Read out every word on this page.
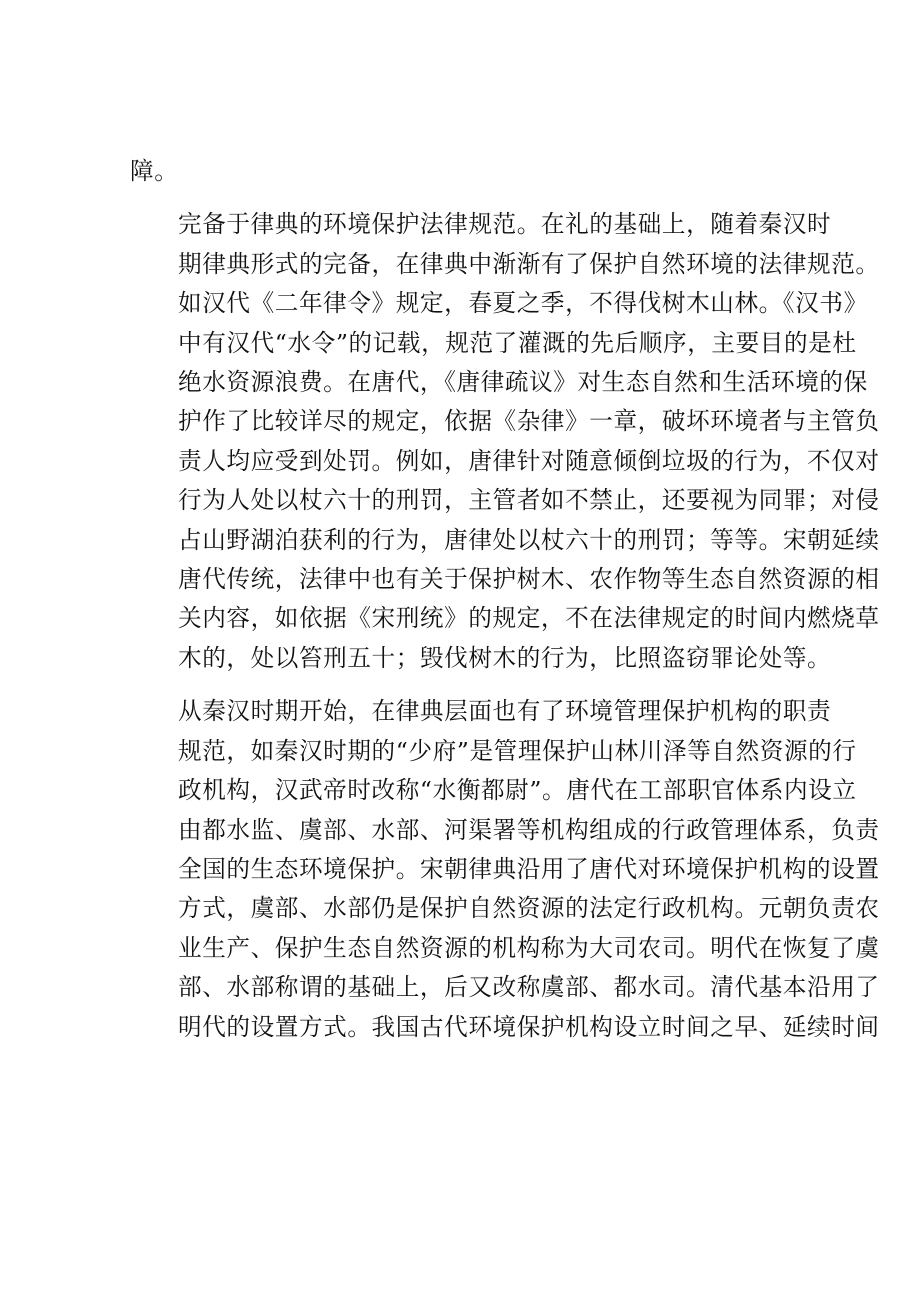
障。

完备于律典的环境保护法律规范。在礼的基础上，随着秦汉时
期律典形式的完备，在律典中渐渐有了保护自然环境的法律规范。
如汉代《二年律令》规定，春夏之季，不得伐树木山林。《汉书》
中有汉代“水令”的记载，规范了灌溉的先后顺序，主要目的是杜
绝水资源浪费。在唐代，《唐律疏议》对生态自然和生活环境的保
护作了比较详尽的规定，依据《杂律》一章，破坏环境者与主管负
责人均应受到处罚。例如，唐律针对随意倾倒垃圾的行为，不仅对
行为人处以杖六十的刑罚，主管者如不禁止，还要视为同罪；对侵
占山野湖泊获利的行为，唐律处以杖六十的刑罚；等等。宋朝延续
唐代传统，法律中也有关于保护树木、农作物等生态自然资源的相
关内容，如依据《宋刑统》的规定，不在法律规定的时间内燃烧草
木的，处以笞刑五十；毁伐树木的行为，比照盗窃罪论处等。

从秦汉时期开始，在律典层面也有了环境管理保护机构的职责
规范，如秦汉时期的“少府”是管理保护山林川泽等自然资源的行
政机构，汉武帝时改称“水衡都尉”。唐代在工部职官体系内设立
由都水监、虞部、水部、河渠署等机构组成的行政管理体系，负责
全国的生态环境保护。宋朝律典沿用了唐代对环境保护机构的设置
方式，虞部、水部仍是保护自然资源的法定行政机构。元朝负责农
业生产、保护生态自然资源的机构称为大司农司。明代在恢复了虞
部、水部称谓的基础上，后又改称虞部、都水司。清代基本沿用了
明代的设置方式。我国古代环境保护机构设立时间之早、延续时间
